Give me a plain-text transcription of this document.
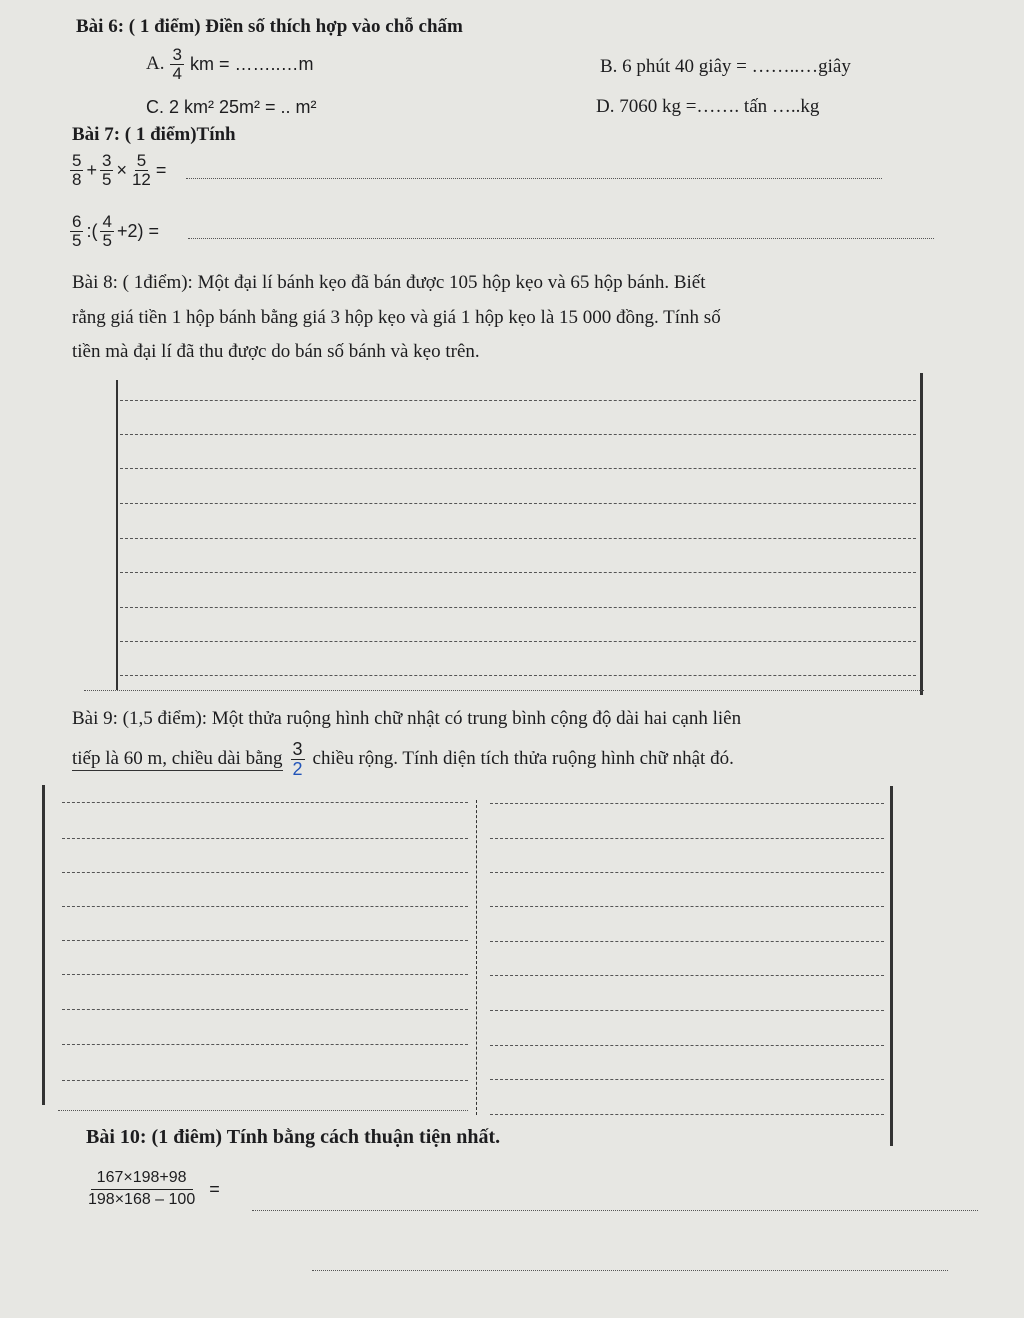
Bài 6: ( 1 điểm) Điền số thích hợp vào chỗ chấm
A. $\frac{3}{4}$ km = ……..…m	B. 6 phút 40 giây = ……..…giây
C. 2 km² 25m² = .. m²	D. 7060 kg =……. tấn …..kg
Bài 7: ( 1 điểm)Tính
$\frac{5}{8} + \frac{3}{5} \times \frac{5}{12}$ =
$\frac{6}{5}$ :( $\frac{4}{5} +2$) =
Bài 8: ( 1điểm): Một đại lí bánh kẹo đã bán được 105 hộp kẹo và 65 hộp bánh. Biết
rằng giá tiền 1 hộp bánh bằng giá 3 hộp kẹo và giá 1 hộp kẹo là 15 000 đồng. Tính số
tiền mà đại lí đã thu được do bán số bánh và kẹo trên.
Bài 9: (1,5 điểm): Một thửa ruộng hình chữ nhật có trung bình cộng độ dài hai cạnh liên
tiếp là 60 m, chiều dài bằng $\frac{3}{2}$ chiều rộng. Tính diện tích thửa ruộng hình chữ nhật đó.
Bài 10: (1 điêm) Tính bằng cách thuận tiện nhất.
$\frac{167\times 198+98}{198\times 168 - 100}$ =
